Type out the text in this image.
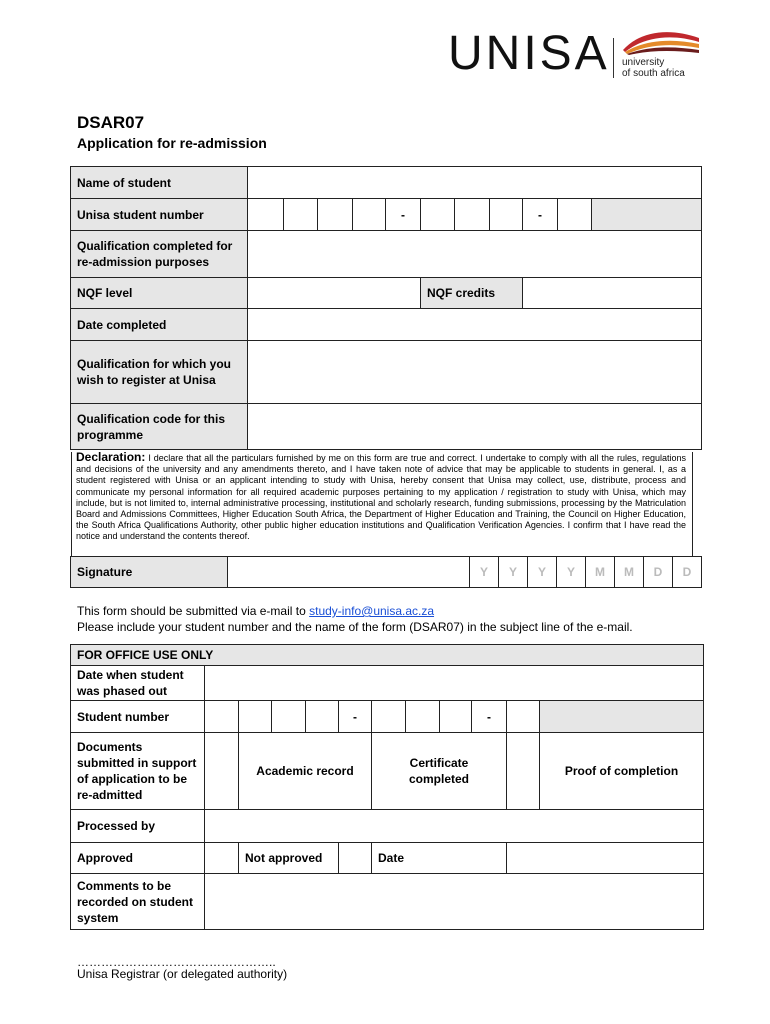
UNISA university
of south africa
DSAR07
Application for re-admission
Name of student											
Unisa student number					-				-		
Qualification completed for re-admission purposes											
NQF level						NQF credits					
Date completed											
Qualification for which you wish to register at Unisa											
Qualification code for this programme											
Declaration: I declare that all the particulars furnished by me on this form are true and correct. I undertake to comply with all the rules, regulations and decisions of the university and any amendments thereto, and I have taken note of advice that may be applicable to students in general. I, as a student registered with Unisa or an applicant intending to study with Unisa, hereby consent that Unisa may collect, use, distribute, process and communicate my personal information for all required academic purposes pertaining to my application / registration to study with Unisa, which may include, but is not limited to, internal administrative processing, institutional and scholarly research, funding submissions, processing by the Matriculation Board and Admissions Committees, Higher Education South Africa, the Department of Higher Education and Training, the Council on Higher Education, the South Africa Qualifications Authority, other public higher education institutions and Qualification Verification Agencies. I confirm that I have read the notice and understand the contents thereof.
Signature		Y	Y	Y	Y	M	M	D	D
This form should be submitted via e-mail to study-info@unisa.ac.za
Please include your student number and the name of the form (DSAR07) in the subject line of the e-mail.
FOR OFFICE USE ONLY											
Date when student was phased out											
Student number					-				-		
Documents submitted in support of application to be re-admitted		Academic record				Certificate completed					Proof of completion
Processed by											
Approved		Not approved				Date					
Comments to be recorded on student system											
…………………………………………..
Unisa Registrar (or delegated authority)
